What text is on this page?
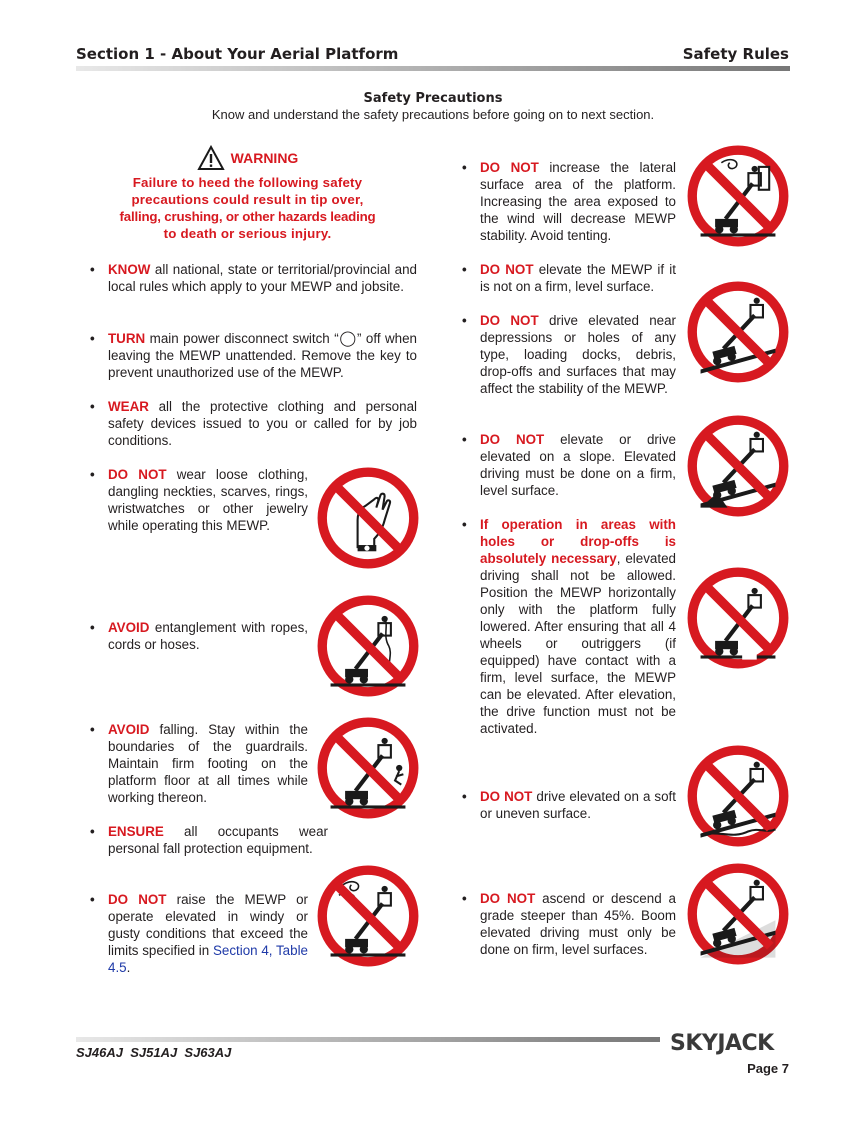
Section 1 - About Your Aerial Platform	Safety Rules
Safety Precautions
Know and understand the safety precautions before going on to next section.
WARNING
Failure to heed the following safety
precautions could result in tip over,
falling, crushing, or other hazards leading
to death or serious injury.
• KNOW all national, state or territorial/provincial and local rules which apply to your MEWP and jobsite.
• TURN main power disconnect switch “◯” off when leaving the MEWP unattended. Remove the key to prevent unauthorized use of the MEWP.
• WEAR all the protective clothing and personal safety devices issued to you or called for by job conditions.
• DO NOT wear loose clothing, dangling neckties, scarves, rings, wristwatches or other jewelry while operating this MEWP.
• AVOID entanglement with ropes, cords or hoses.
• AVOID falling. Stay within the boundaries of the guardrails. Maintain firm footing on the platform floor at all times while working thereon.
• ENSURE all occupants wear personal fall protection equipment.
• DO NOT raise the MEWP or operate elevated in windy or gusty conditions that exceed the limits specified in Section 4, Table 4.5.
• DO NOT increase the lateral surface area of the platform. Increasing the area exposed to the wind will decrease MEWP stability. Avoid tenting.
• DO NOT elevate the MEWP if it is not on a firm, level surface.
• DO NOT drive elevated near depressions or holes of any type, loading docks, debris, drop-offs and surfaces that may affect the stability of the MEWP.
• DO NOT elevate or drive elevated on a slope. Elevated driving must be done on a firm, level surface.
• If operation in areas with holes or drop-offs is absolutely necessary, elevated driving shall not be allowed. Position the MEWP horizontally only with the platform fully lowered. After ensuring that all 4 wheels or outriggers (if equipped) have contact with a firm, level surface, the MEWP can be elevated. After elevation, the drive function must not be activated.
• DO NOT drive elevated on a soft or uneven surface.
• DO NOT ascend or descend a grade steeper than 45%. Boom elevated driving must only be done on firm, level surfaces.
SJ46AJ  SJ51AJ  SJ63AJ	SKYJACK
Page 7
